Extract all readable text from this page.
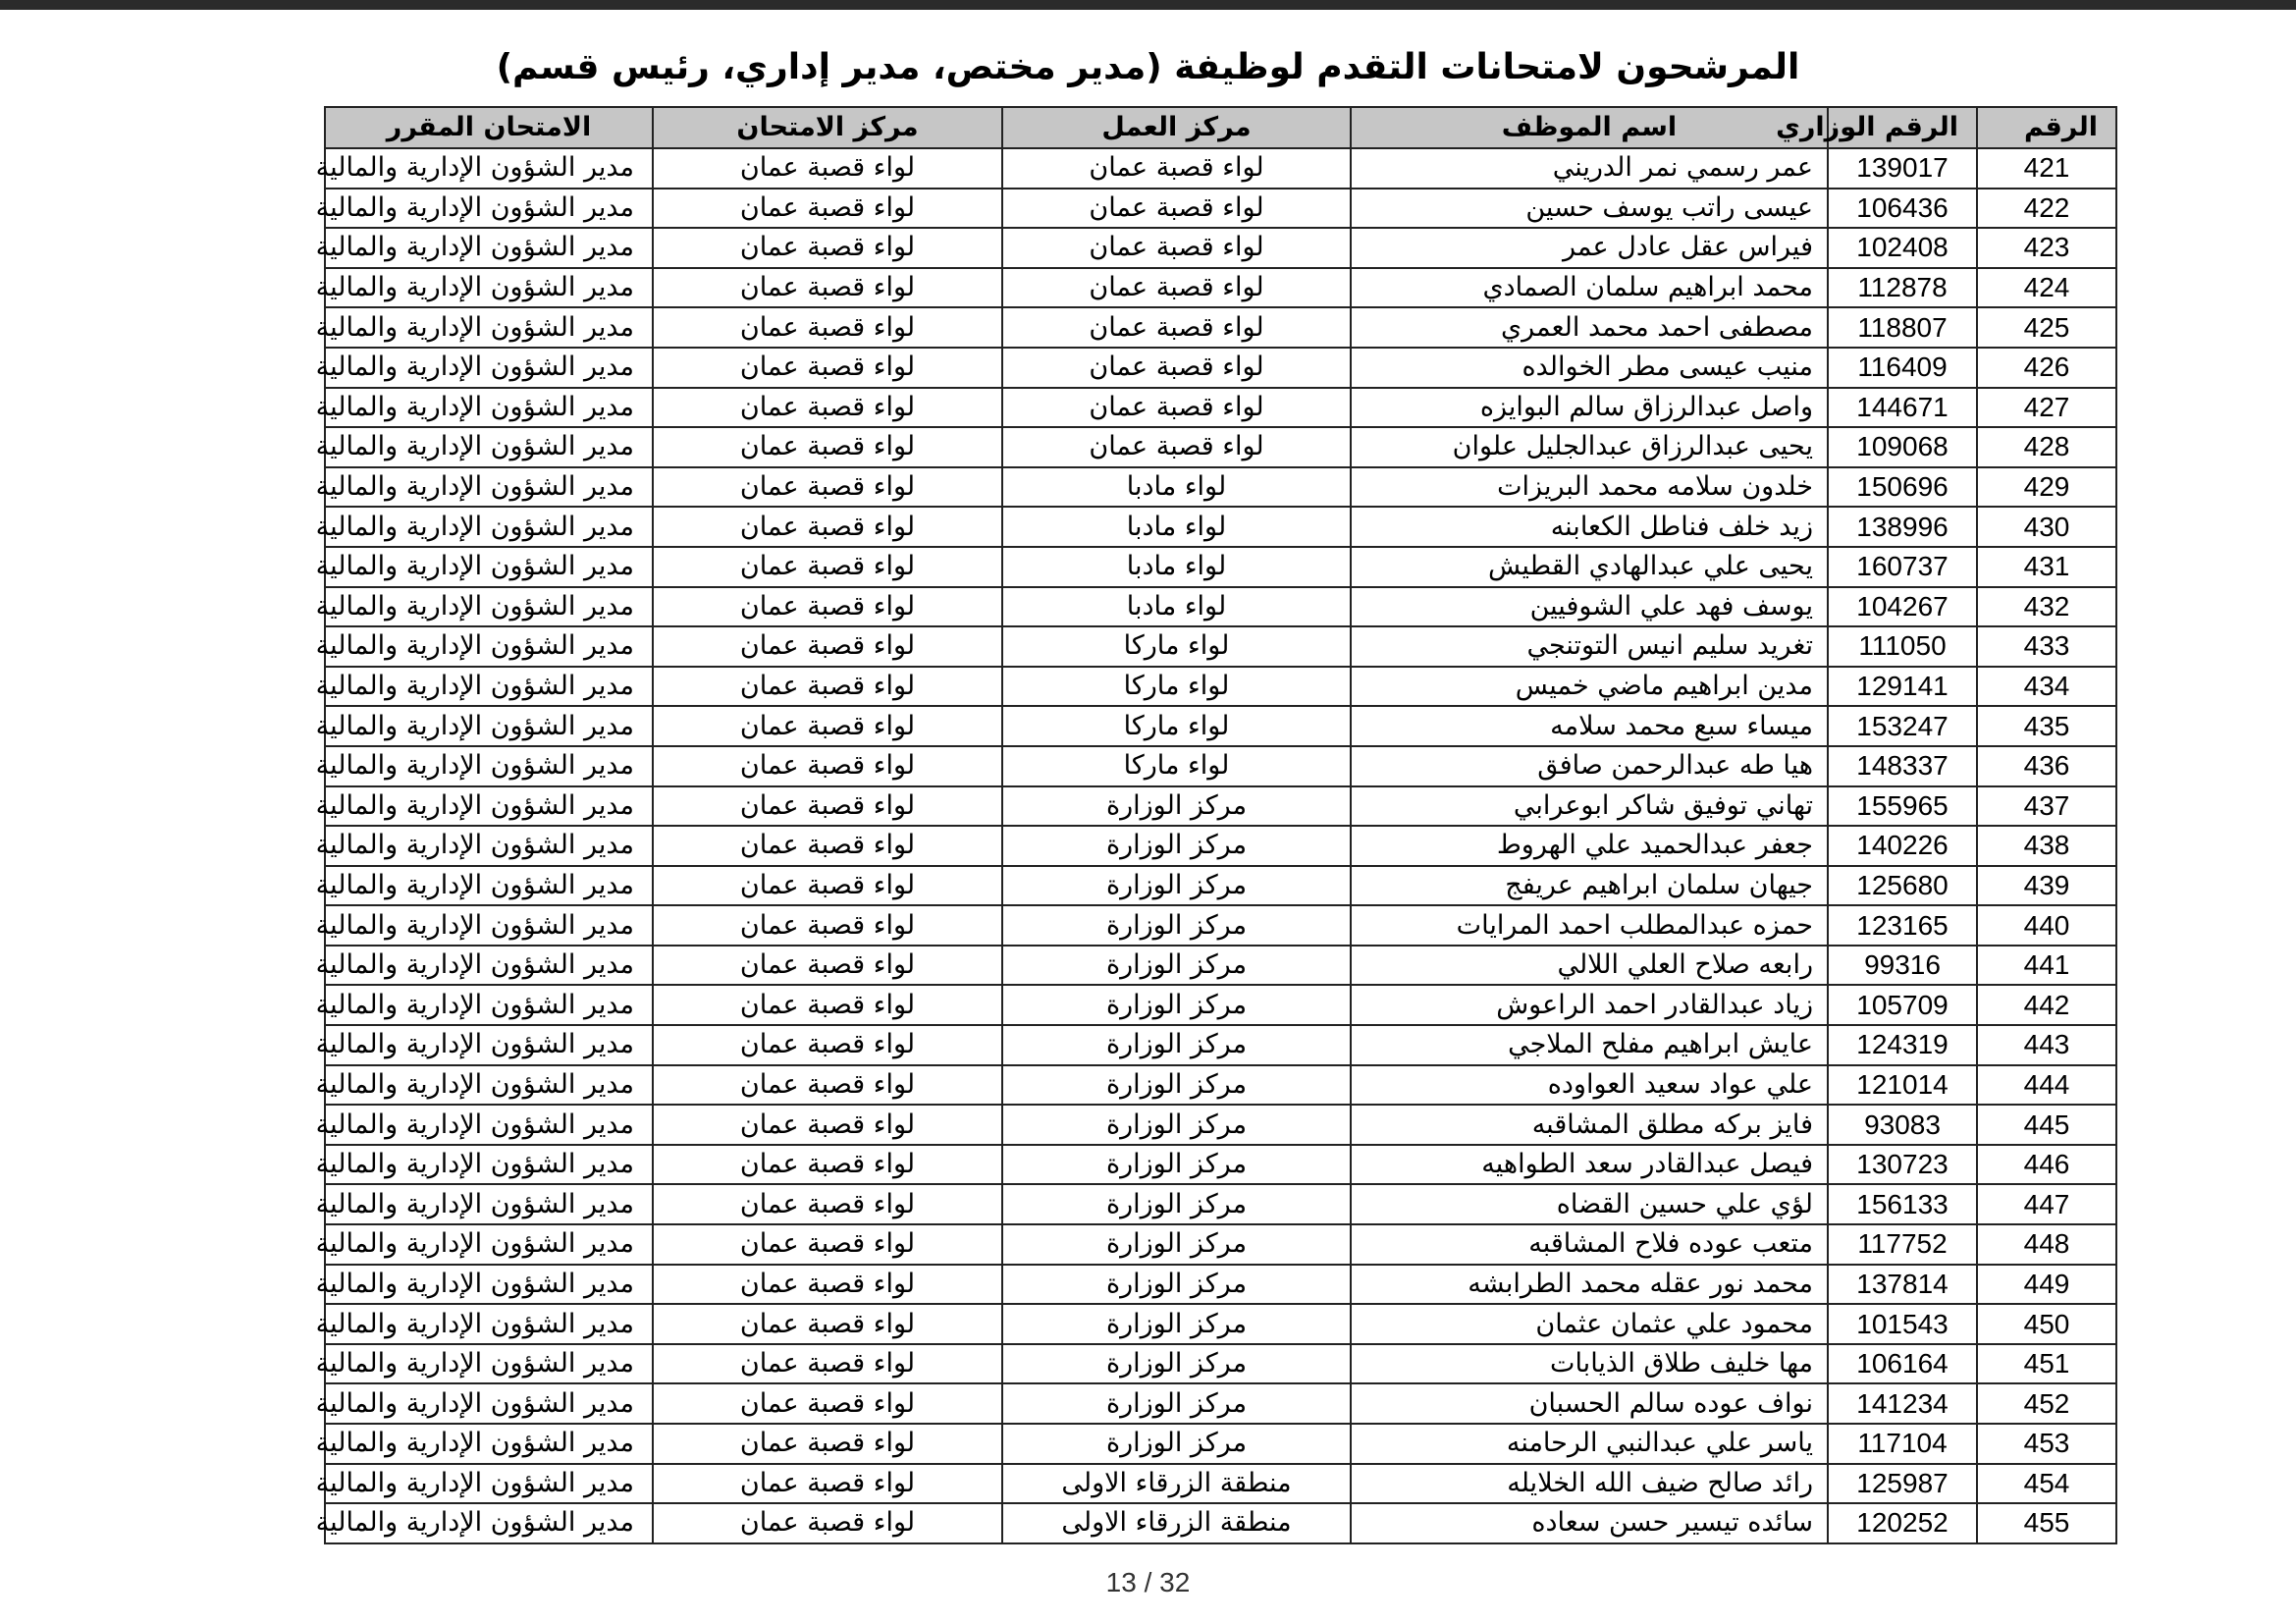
المرشحون لامتحانات التقدم لوظيفة (مدير مختص، مدير إداري، رئيس قسم)
الرقم	الرقم الوزاري	اسم الموظف	مركز العمل	مركز الامتحان	الامتحان المقرر
421	139017	عمر رسمي نمر الدريني	لواء قصبة عمان	لواء قصبة عمان	مدير الشؤون الإدارية والمالية
422	106436	عيسى راتب يوسف حسين	لواء قصبة عمان	لواء قصبة عمان	مدير الشؤون الإدارية والمالية
423	102408	فيراس عقل عادل عمر	لواء قصبة عمان	لواء قصبة عمان	مدير الشؤون الإدارية والمالية
424	112878	محمد ابراهيم سلمان الصمادي	لواء قصبة عمان	لواء قصبة عمان	مدير الشؤون الإدارية والمالية
425	118807	مصطفى احمد محمد العمري	لواء قصبة عمان	لواء قصبة عمان	مدير الشؤون الإدارية والمالية
426	116409	منيب عيسى مطر الخوالده	لواء قصبة عمان	لواء قصبة عمان	مدير الشؤون الإدارية والمالية
427	144671	واصل عبدالرزاق سالم البوايزه	لواء قصبة عمان	لواء قصبة عمان	مدير الشؤون الإدارية والمالية
428	109068	يحيى عبدالرزاق عبدالجليل علوان	لواء قصبة عمان	لواء قصبة عمان	مدير الشؤون الإدارية والمالية
429	150696	خلدون سلامه محمد البريزات	لواء مادبا	لواء قصبة عمان	مدير الشؤون الإدارية والمالية
430	138996	زيد خلف فناطل الكعابنه	لواء مادبا	لواء قصبة عمان	مدير الشؤون الإدارية والمالية
431	160737	يحيى علي عبدالهادي القطيش	لواء مادبا	لواء قصبة عمان	مدير الشؤون الإدارية والمالية
432	104267	يوسف فهد علي الشوفيين	لواء مادبا	لواء قصبة عمان	مدير الشؤون الإدارية والمالية
433	111050	تغريد سليم انيس التوتنجي	لواء ماركا	لواء قصبة عمان	مدير الشؤون الإدارية والمالية
434	129141	مدين ابراهيم ماضي خميس	لواء ماركا	لواء قصبة عمان	مدير الشؤون الإدارية والمالية
435	153247	ميساء سبع محمد سلامه	لواء ماركا	لواء قصبة عمان	مدير الشؤون الإدارية والمالية
436	148337	هيا طه عبدالرحمن صافق	لواء ماركا	لواء قصبة عمان	مدير الشؤون الإدارية والمالية
437	155965	تهاني توفيق شاكر ابوعرابي	مركز الوزارة	لواء قصبة عمان	مدير الشؤون الإدارية والمالية
438	140226	جعفر عبدالحميد علي الهروط	مركز الوزارة	لواء قصبة عمان	مدير الشؤون الإدارية والمالية
439	125680	جيهان سلمان ابراهيم عريفج	مركز الوزارة	لواء قصبة عمان	مدير الشؤون الإدارية والمالية
440	123165	حمزه عبدالمطلب احمد المرايات	مركز الوزارة	لواء قصبة عمان	مدير الشؤون الإدارية والمالية
441	99316	رابعه صلاح العلي اللالي	مركز الوزارة	لواء قصبة عمان	مدير الشؤون الإدارية والمالية
442	105709	زياد عبدالقادر احمد الراعوش	مركز الوزارة	لواء قصبة عمان	مدير الشؤون الإدارية والمالية
443	124319	عايش ابراهيم مفلح الملاجي	مركز الوزارة	لواء قصبة عمان	مدير الشؤون الإدارية والمالية
444	121014	علي عواد سعيد العواوده	مركز الوزارة	لواء قصبة عمان	مدير الشؤون الإدارية والمالية
445	93083	فايز بركه مطلق المشاقبه	مركز الوزارة	لواء قصبة عمان	مدير الشؤون الإدارية والمالية
446	130723	فيصل عبدالقادر سعد الطواهيه	مركز الوزارة	لواء قصبة عمان	مدير الشؤون الإدارية والمالية
447	156133	لؤي علي حسين القضاه	مركز الوزارة	لواء قصبة عمان	مدير الشؤون الإدارية والمالية
448	117752	متعب عوده فلاح المشاقبه	مركز الوزارة	لواء قصبة عمان	مدير الشؤون الإدارية والمالية
449	137814	محمد نور عقله محمد الطرابشه	مركز الوزارة	لواء قصبة عمان	مدير الشؤون الإدارية والمالية
450	101543	محمود علي عثمان عثمان	مركز الوزارة	لواء قصبة عمان	مدير الشؤون الإدارية والمالية
451	106164	مها خليف طلاق الذيابات	مركز الوزارة	لواء قصبة عمان	مدير الشؤون الإدارية والمالية
452	141234	نواف عوده سالم الحسبان	مركز الوزارة	لواء قصبة عمان	مدير الشؤون الإدارية والمالية
453	117104	ياسر علي عبدالنبي الرحامنه	مركز الوزارة	لواء قصبة عمان	مدير الشؤون الإدارية والمالية
454	125987	رائد صالح ضيف الله الخلايله	منطقة الزرقاء الاولى	لواء قصبة عمان	مدير الشؤون الإدارية والمالية
455	120252	سائده تيسير حسن سعاده	منطقة الزرقاء الاولى	لواء قصبة عمان	مدير الشؤون الإدارية والمالية
13 / 32
